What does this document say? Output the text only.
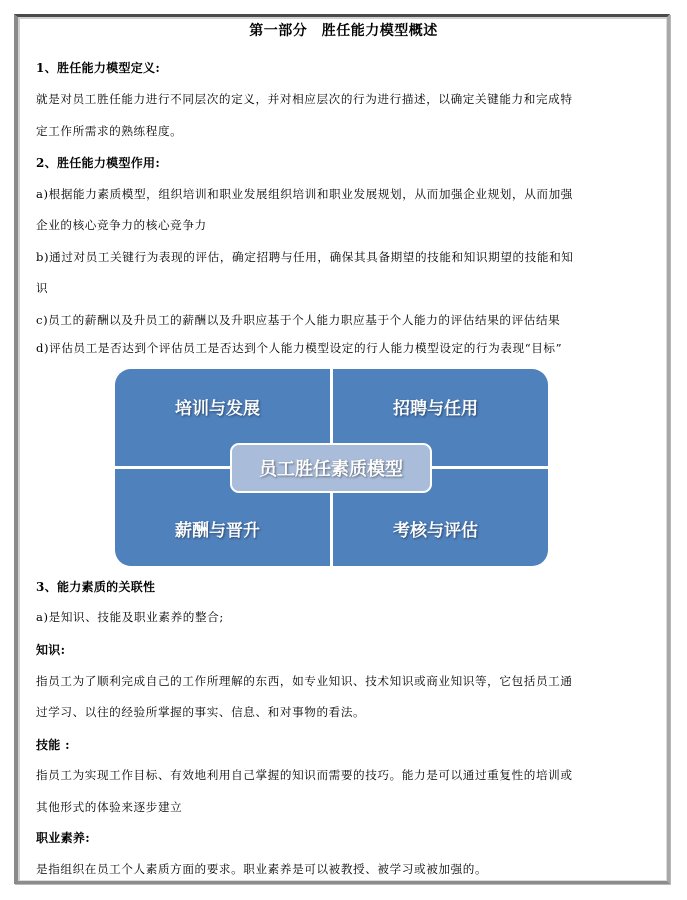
第一部分　胜任能力模型概述
1、胜任能力模型定义:
就是对员工胜任能力进行不同层次的定义，并对相应层次的行为进行描述，以确定关键能力和完成特
定工作所需求的熟练程度。
2、胜任能力模型作用:
a)根据能力素质模型，组织培训和职业发展组织培训和职业发展规划，从而加强企业规划，从而加强
企业的核心竞争力的核心竞争力
b)通过对员工关键行为表现的评估，确定招聘与任用，确保其具备期望的技能和知识期望的技能和知
识
c)员工的薪酬以及升员工的薪酬以及升职应基于个人能力职应基于个人能力的评估结果的评估结果
d)评估员工是否达到个评估员工是否达到个人能力模型设定的行人能力模型设定的行为表现“目标”
培训与发展	招聘与任用
薪酬与晋升	考核与评估
员工胜任素质模型
3、能力素质的关联性
a)是知识、技能及职业素养的整合;
知识:
指员工为了顺利完成自己的工作所理解的东西，如专业知识、技术知识或商业知识等，它包括员工通
过学习、以往的经验所掌握的事实、信息、和对事物的看法。
技能 :
指员工为实现工作目标、有效地利用自己掌握的知识而需要的技巧。能力是可以通过重复性的培训或
其他形式的体验来逐步建立
职业素养:
是指组织在员工个人素质方面的要求。职业素养是可以被教授、被学习或被加强的。
